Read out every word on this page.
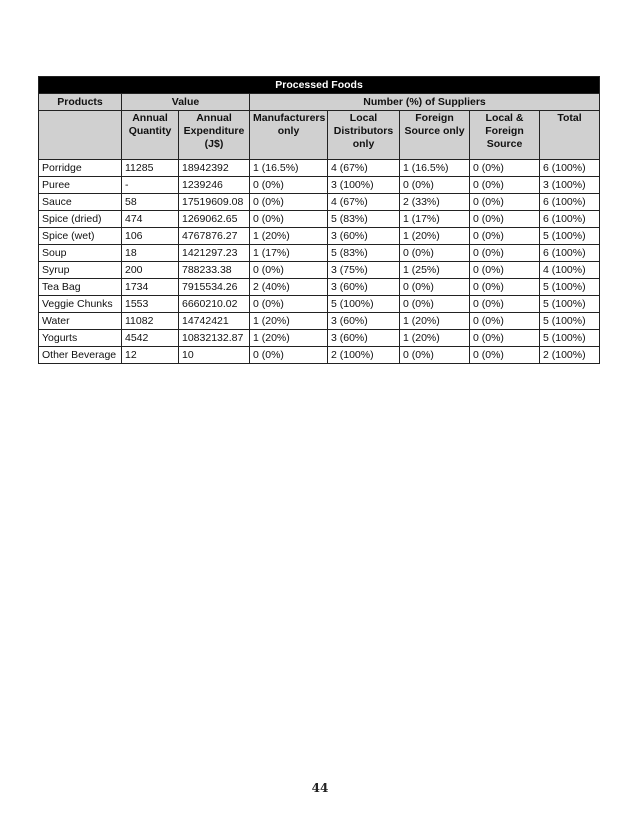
Processed Foods							
Products	Value		Number (%) of Suppliers				
	Annual Quantity	Annual Expenditure (J$)	Manufacturers only	Local Distributors only	Foreign Source only	Local & Foreign Source	Total
Porridge	11285	18942392	1 (16.5%)	4 (67%)	1 (16.5%)	0 (0%)	6 (100%)
Puree	-	1239246	0 (0%)	3 (100%)	0 (0%)	0 (0%)	3 (100%)
Sauce	58	17519609.08	0 (0%)	4 (67%)	2 (33%)	0 (0%)	6 (100%)
Spice (dried)	474	1269062.65	0 (0%)	5 (83%)	1 (17%)	0 (0%)	6 (100%)
Spice (wet)	106	4767876.27	1 (20%)	3 (60%)	1 (20%)	0 (0%)	5 (100%)
Soup	18	1421297.23	1 (17%)	5 (83%)	0 (0%)	0 (0%)	6 (100%)
Syrup	200	788233.38	0 (0%)	3 (75%)	1 (25%)	0 (0%)	4 (100%)
Tea Bag	1734	7915534.26	2 (40%)	3 (60%)	0 (0%)	0 (0%)	5 (100%)
Veggie Chunks	1553	6660210.02	0 (0%)	5 (100%)	0 (0%)	0 (0%)	5 (100%)
Water	11082	14742421	1 (20%)	3 (60%)	1 (20%)	0 (0%)	5 (100%)
Yogurts	4542	10832132.87	1 (20%)	3 (60%)	1 (20%)	0 (0%)	5 (100%)
Other Beverage	12	10	0 (0%)	2 (100%)	0 (0%)	0 (0%)	2 (100%)
44
